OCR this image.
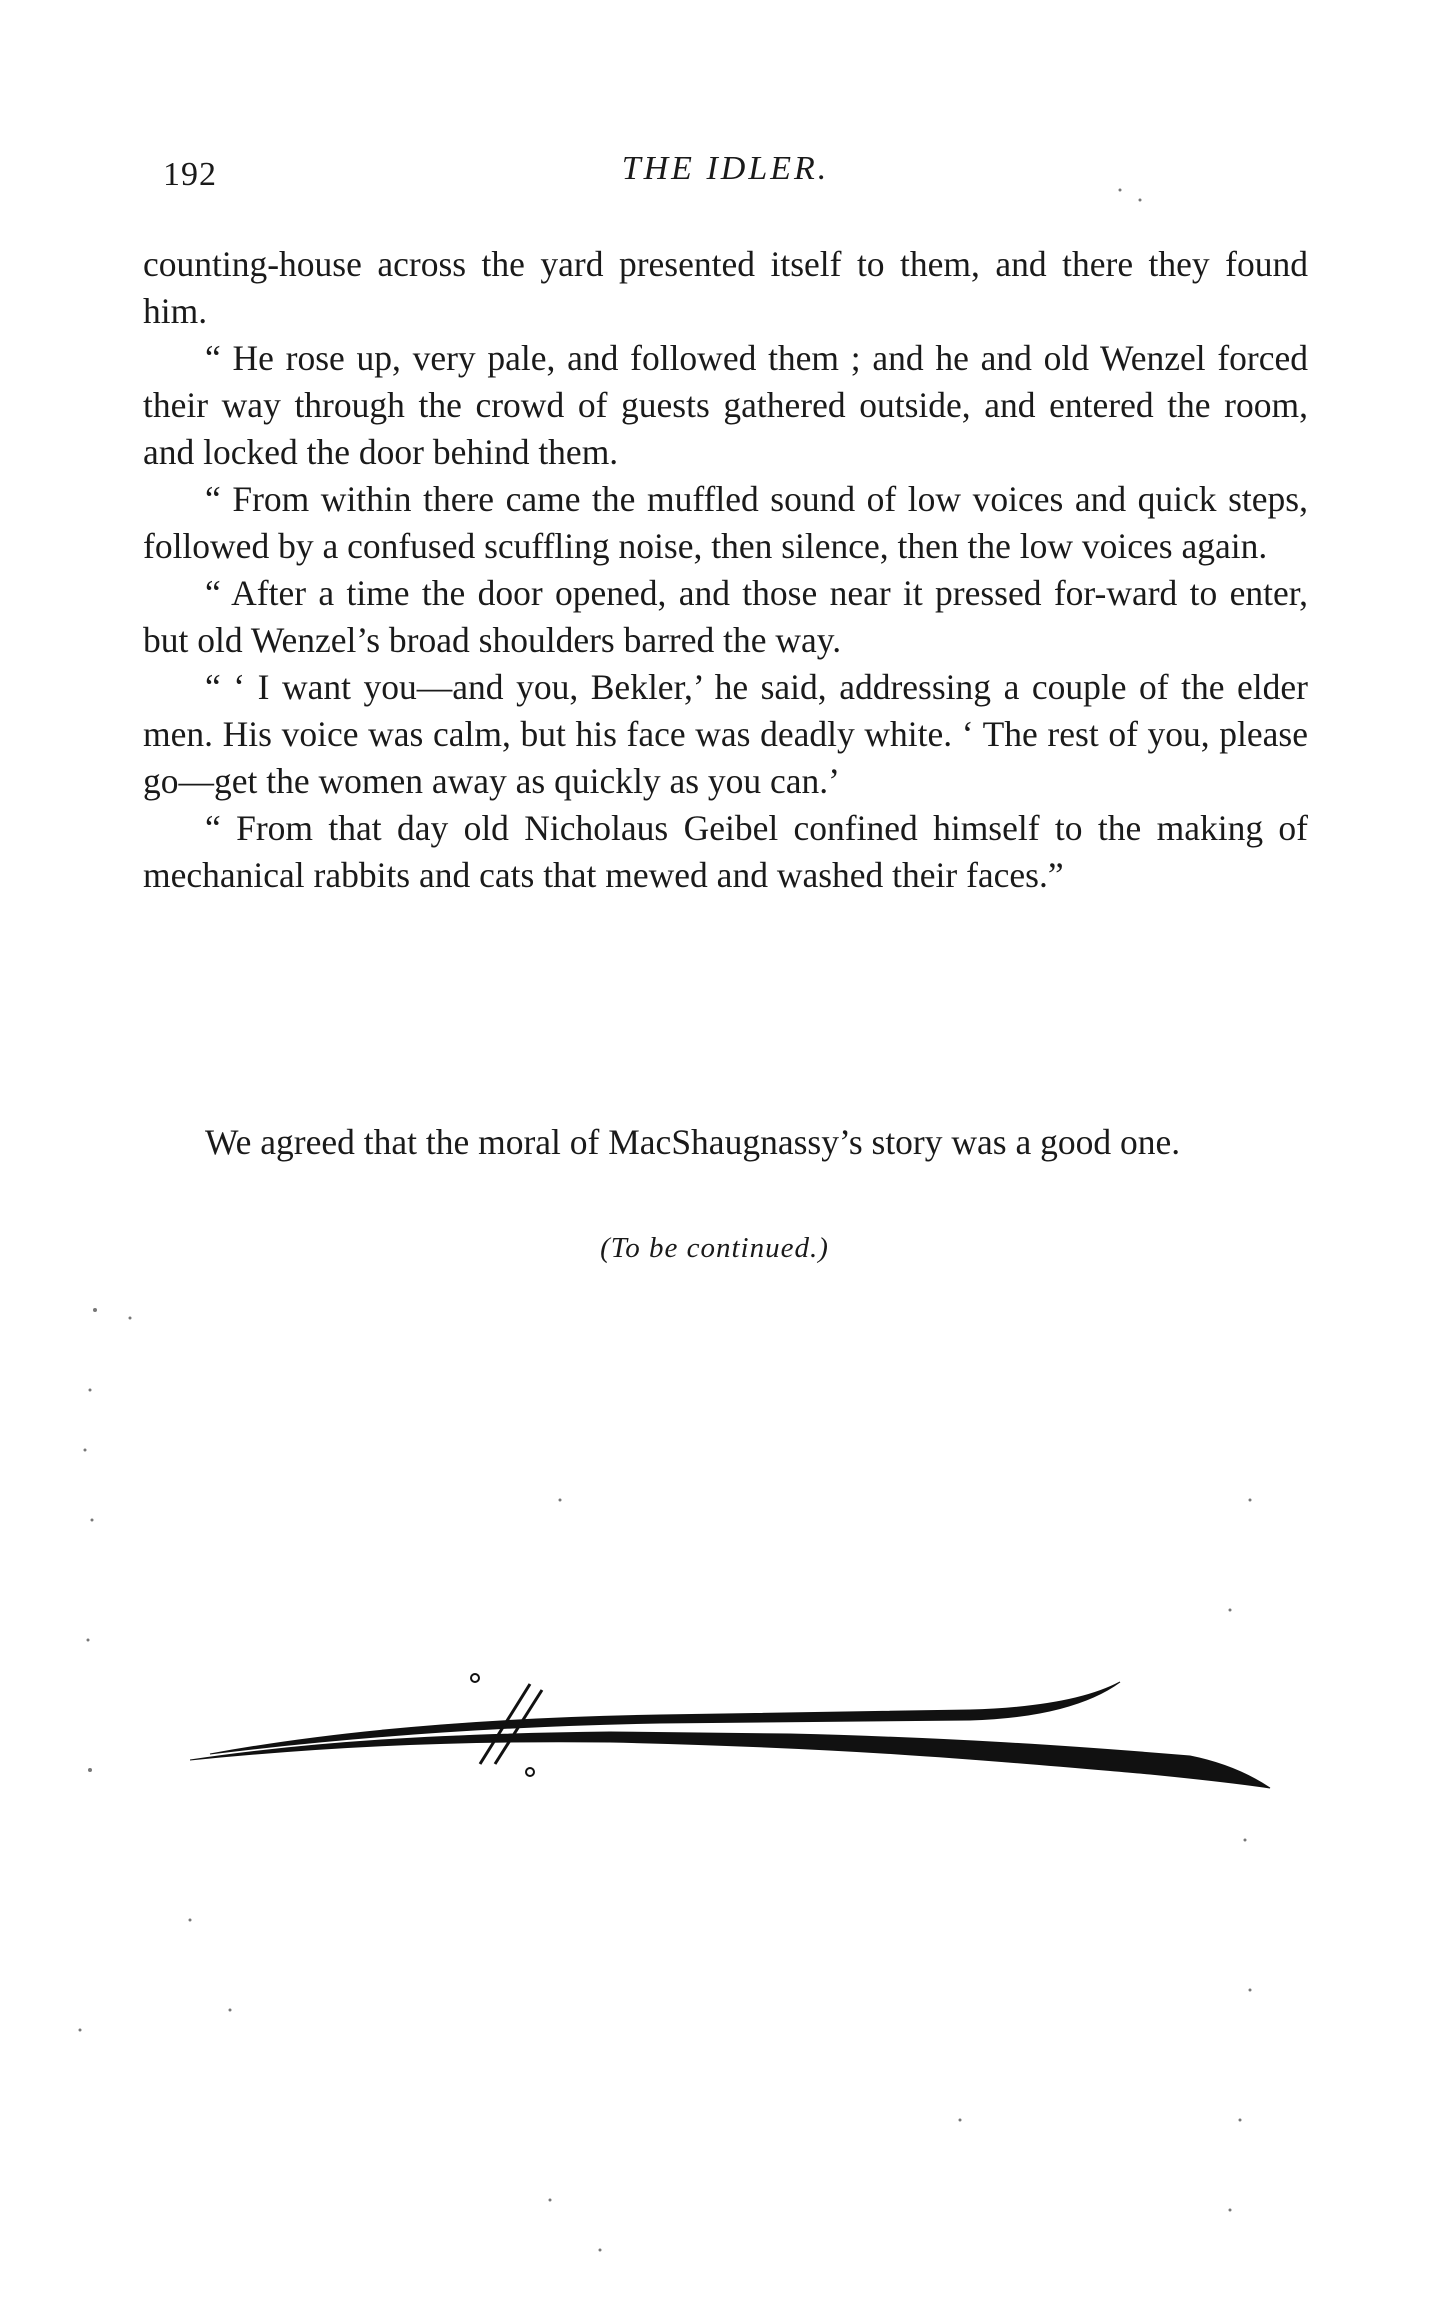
192	THE IDLER.

counting-house across the yard presented itself to them, and there they found him.

“ He rose up, very pale, and followed them ; and he and old Wenzel forced their way through the crowd of guests gathered outside, and entered the room, and locked the door behind them.

“ From within there came the muffled sound of low voices and quick steps, followed by a confused scuffling noise, then silence, then the low voices again.

“ After a time the door opened, and those near it pressed for-ward to enter, but old Wenzel’s broad shoulders barred the way.

“ ‘ I want you—and you, Bekler,’ he said, addressing a couple of the elder men. His voice was calm, but his face was deadly white. ‘ The rest of you, please go—get the women away as quickly as you can.’

“ From that day old Nicholaus Geibel confined himself to the making of mechanical rabbits and cats that mewed and washed their faces.”

We agreed that the moral of MacShaugnassy’s story was a good one.

(To be continued.)
